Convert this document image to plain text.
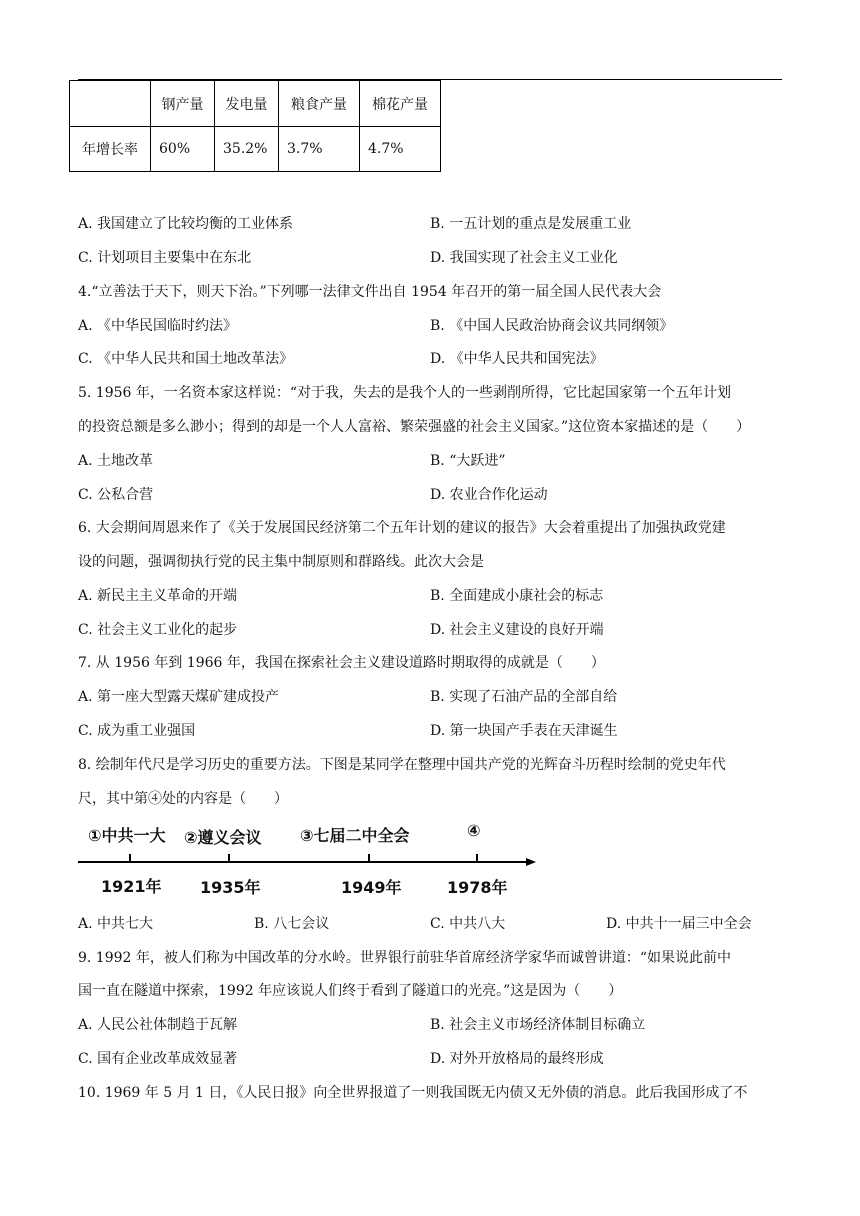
	钢产量	发电量	粮食产量	棉花产量
年增长率	60%	35.2%	3.7%	4.7%
A. 我国建立了比较均衡的工业体系	B. 一五计划的重点是发展重工业
C. 计划项目主要集中在东北	D. 我国实现了社会主义工业化
4.“立善法于天下，则天下治。”下列哪一法律文件出自 1954 年召开的第一届全国人民代表大会
A. 《中华民国临时约法》	B. 《中国人民政治协商会议共同纲领》
C. 《中华人民共和国土地改革法》	D. 《中华人民共和国宪法》
5. 1956 年，一名资本家这样说：“对于我，失去的是我个人的一些剥削所得，它比起国家第一个五年计划
的投资总额是多么渺小；得到的却是一个人人富裕、繁荣强盛的社会主义国家。”这位资本家描述的是（　　）
A. 土地改革	B. “大跃进”
C. 公私合营	D. 农业合作化运动
6. 大会期间周恩来作了《关于发展国民经济第二个五年计划的建议的报告》大会着重提出了加强执政党建
设的问题，强调彻执行党的民主集中制原则和群路线。此次大会是
A. 新民主主义革命的开端	B. 全面建成小康社会的标志
C. 社会主义工业化的起步	D. 社会主义建设的良好开端
7. 从 1956 年到 1966 年，我国在探索社会主义建设道路时期取得的成就是（　　）
A. 第一座大型露天煤矿建成投产	B. 实现了石油产品的全部自给
C. 成为重工业强国	D. 第一块国产手表在天津诞生
8. 绘制年代尺是学习历史的重要方法。下图是某同学在整理中国共产党的光辉奋斗历程时绘制的党史年代
尺，其中第④处的内容是（　　）
①中共一大 ②遵义会议 ③七届二中全会	④
1921年 1935年	1949年	1978年
A. 中共七大	B. 八七会议	C. 中共八大	D. 中共十一届三中全会
9. 1992 年，被人们称为中国改革的分水岭。世界银行前驻华首席经济学家华而诚曾讲道：“如果说此前中
国一直在隧道中探索，1992 年应该说人们终于看到了隧道口的光亮。”这是因为（　　）
A. 人民公社体制趋于瓦解	B. 社会主义市场经济体制目标确立
C. 国有企业改革成效显著	D. 对外开放格局的最终形成
10. 1969 年 5 月 1 日，《人民日报》向全世界报道了一则我国既无内债又无外债的消息。此后我国形成了不
